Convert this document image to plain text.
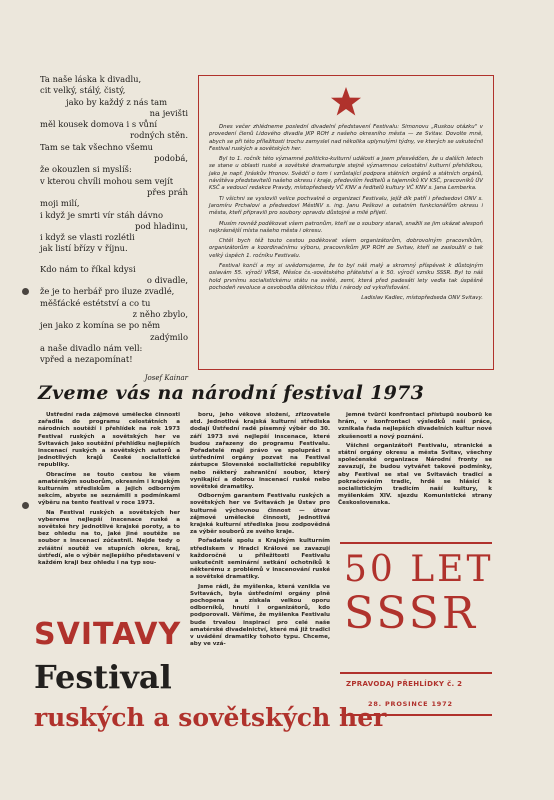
Ta naše láska k divadlu,
cit velký, stálý, čistý,
jako by každý z nás tam
na jevišti
měl kousek domova i s vůní
rodných stěn.
Tam se tak všechno všemu
podobá,
že okouzlen si myslíš:
v kterou chvíli mohou sem vejít
přes práh
moji milí,
i když je smrti vír stáh dávno
pod hladinu,
i když se vlasti rozlétli
jak listí břízy v říjnu.
Kdo nám to říkal kdysi
o divadle,
že je to herbář pro iluze zvadlé,
měšťácké estétství a co tu
z něho zbylo,
jen jako z komína se po něm
zadýmilo
a naše divadlo nám vell:
vpřed a nezapomínat!
Josef Kainar

Dnes večer zhlédneme poslední divadelní představení Festivalu: Simonovu „Ruskou otázku" v provedení členů Lidového divadla JKP ROH z našeho okresního města — ze Svitav. Dovolte mně, abych se při této příležitosti trochu zamyslel nad několika uplynulými týdny, ve kterých se uskutečnil Festival ruských a sovětských her.

Byl to 1. ročník této významné politicko-kulturní události a jsem přesvědčen, že u dalších letech se stane u oblasti ruské a sovětské dramaturgie stejně významnou celostátní kulturní přehlídkou, jako je např. Jiráskův Hronov. Svědčí o tom i vzrůstající podpora státních orgánů a státních orgánů, návštěva představitelů našeho okresu i kraje, především ředitelů a tajemníků KV KSČ, pracovníků ÚV KSČ a vedoucí redakce Pravdy, místopředsedy VČ KNV a ředitelů kultury VČ KNV s. Jana Lemberka.

Ti všichni se vyslovili velice pochvalně o organizaci Festivalu, jejíž dík patří i předsedovi ONV s. Jaromíru Prchalovi a předsedovi MěstNV s. ing. Janu Peškovi a ostatním funkcionářům okresu i města, kteří připravili pro soubory opravdu důstojné a milé přijetí.

Musím rovněž poděkovat všem patronům, kteří se o soubory starali, snažili se jim ukázat alespoň nejkrásnější místa našeho města i okresu.

Chtěl bych též touto cestou poděkovat všem organizátorům, dobrovolným pracovníkům, organizátorům a koordinačnímu výboru, pracovníkům JKP ROH ze Svitav, kteří se zasloužili o tak velký úspěch 1. ročníku Festivalu.

Festival končí a my si uvědomujeme, že to byl náš malý a skromný příspěvek k důstojným oslavám 55. výročí VŘSR, Měsíce čs.-sovětského přátelství a k 50. výročí vzniku SSSR. Byl to náš hold prvnímu socialistickému státu na světě, zemi, která před padesáti lety vedla tak úspěšně pochodeň revoluce a osvobodila dělnickou třídu i národy od vykořisťování.

Ladislav Kadlec, místopředseda ONV Svitavy.

Zveme vás na národní festival 1973

Ústřední rada zájmové umělecké činnosti zařadila do programu celostátních a národních soutěží i přehlídek na rok 1973 Festival ruských a sovětských her ve Svitavách jako soutěžní přehlídku nejlepších inscenací ruských a sovětských autorů a jednotlivých krajů České socialistické republiky.

Obracíme se touto cestou ke všem amatérským souborům, okresním i krajským kulturním střediskům a jejich odborným sekcím, abyste se seznámili s podmínkami výběru na tento festival v roce 1973.

Na Festival ruských a sovětských her vybereme nejlepší inscenace ruské a sovětské hry jednotlivé krajské poroty, a to bez ohledu na to, jaké jiné soutěže se soubor s inscenací zúčastnil. Nejde tedy o zvláštní soutěž ve stupních okres, kraj, ústředí, ale o výběr nejlepšího představení v každém kraji bez ohledu i na typ sou-

boru, jeho věkové složení, zřizovatele atd. Jednotlivá krajská kulturní střediska dodají Ústřední radě písemný výběr do 30. září 1973 své nejlepší inscenace, které budou zařazeny do programu Festivalu. Pořadatelé mají právo ve spolupráci s ústředními orgány pozvat na Festival zástupce Slovenské socialistické republiky nebo některý zahraniční soubor, který vynikající a dobrou inscenací ruské nebo sovětské dramatiky.

Odborným garantem Festivalu ruských a sovětských her ve Svitavách je Ústav pro kulturně výchovnou činnost — útvar zájmové umělecké činnosti, jednotlivá krajská kulturní střediska jsou zodpovědná za výběr souborů ze svého kraje.

Pořadatelé spolu s Krajským kulturním střediskem v Hradci Králové se zavazují každoročně u příležitosti Festivalu uskutečnit seminární setkání ochotníků k některému z problémů v inscenování ruské a sovětské dramatiky.

Jsme rádi, že myšlenka, která vznikla ve Svitavách, byla ústředními orgány plně pochopena a získala velkou oporu odborníků, hnutí i organizátorů, kdo podporovali. Věříme, že myšlenka Festivalu bude trvalou inspirací pro celé naše amatérské divadelnictví, které má již tradici v uvádění dramatiky tohoto typu. Chceme, aby ve vzá-

jemné tvůrčí konfrontaci přístupů souborů ke hrám, v konfrontaci výsledků naší práce, vznikala řada nejlepších divadelních kultur nové zkušenosti a nový poznání.

Všichni organizátoři Festivalu, stranické a státní orgány okresu a města Svitav, všechny společenské organizace Národní fronty se zavazují, že budou vytvářet takové podmínky, aby Festival se stal ve Svitavách tradicí a pokračováním tradic, hrdě se hlásící k socialistickým tradicím naší kultury, k myšlenkám XIV. sjezdu Komunistické strany Československa.

50 LET
SSSR
ZPRAVODAJ PŘEHLÍDKY č. 2
28. PROSINCE 1972
SVITAVY
Festival
ruských a sovětských her
